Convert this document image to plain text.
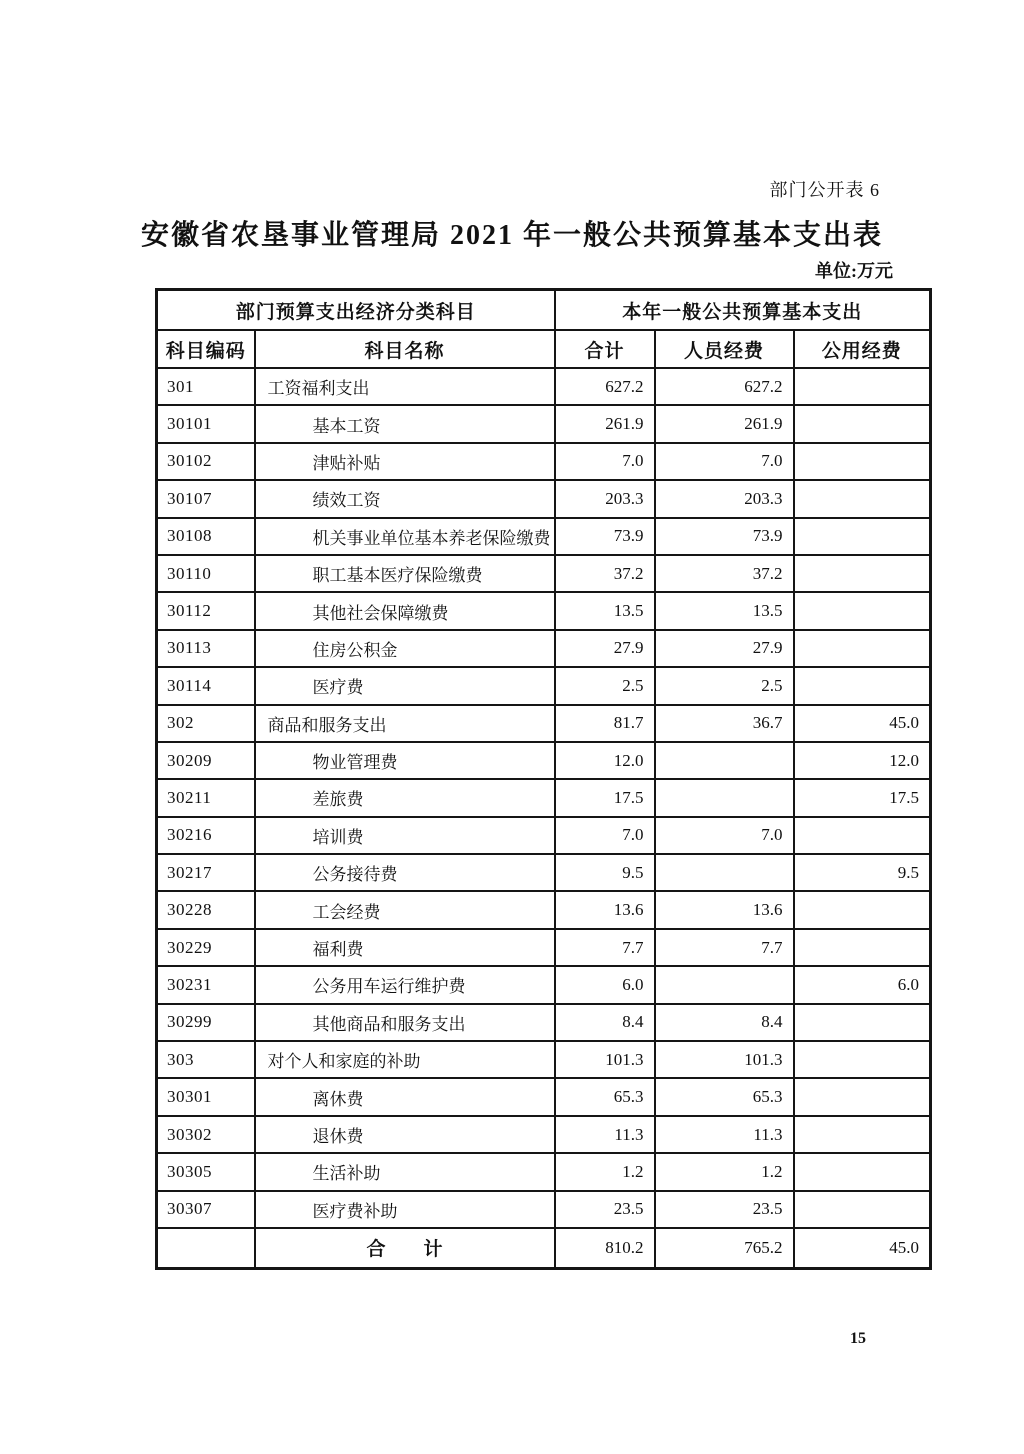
部门公开表 6
安徽省农垦事业管理局 2021 年一般公共预算基本支出表
单位:万元
部门预算支出经济分类科目		本年一般公共预算基本支出		
科目编码	科目名称	合计	人员经费	公用经费
301	工资福利支出	627.2	627.2	
30101	基本工资	261.9	261.9	
30102	津贴补贴	7.0	7.0	
30107	绩效工资	203.3	203.3	
30108	机关事业单位基本养老保险缴费	73.9	73.9	
30110	职工基本医疗保险缴费	37.2	37.2	
30112	其他社会保障缴费	13.5	13.5	
30113	住房公积金	27.9	27.9	
30114	医疗费	2.5	2.5	
302	商品和服务支出	81.7	36.7	45.0
30209	物业管理费	12.0		12.0
30211	差旅费	17.5		17.5
30216	培训费	7.0	7.0	
30217	公务接待费	9.5		9.5
30228	工会经费	13.6	13.6	
30229	福利费	7.7	7.7	
30231	公务用车运行维护费	6.0		6.0
30299	其他商品和服务支出	8.4	8.4	
303	对个人和家庭的补助	101.3	101.3	
30301	离休费	65.3	65.3	
30302	退休费	11.3	11.3	
30305	生活补助	1.2	1.2	
30307	医疗费补助	23.5	23.5	
	合　　计	810.2	765.2	45.0
15
